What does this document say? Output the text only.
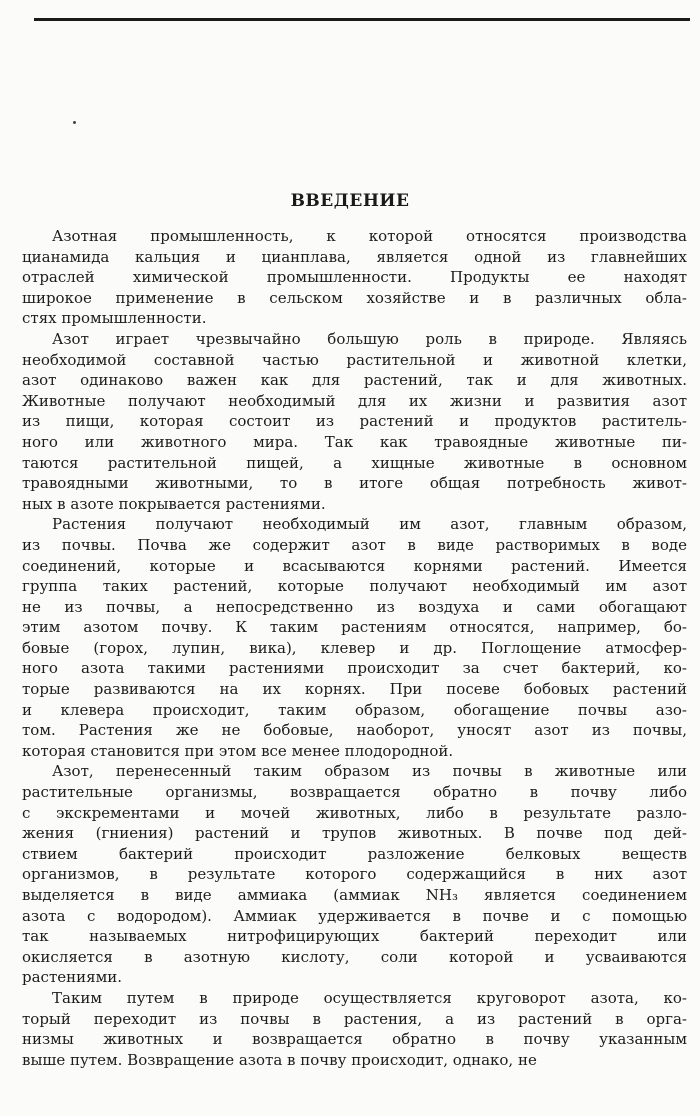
ВВЕДЕНИЕ
Азотная промышленность, к которой относятся производства
цианамида кальция и цианплава, является одной из главнейших
отраслей химической промышленности. Продукты ее находят
широкое применение в сельском хозяйстве и в различных обла-
стях промышленности.
Азот играет чрезвычайно большую роль в природе. Являясь
необходимой составной частью растительной и животной клетки,
азот одинаково важен как для растений, так и для животных.
Животные получают необходимый для их жизни и развития азот
из пищи, которая состоит из растений и продуктов раститель-
ного или животного мира. Так как травоядные животные пи-
таются растительной пищей, а хищные животные в основном
травоядными животными, то в итоге общая потребность живот-
ных в азоте покрывается растениями.
Растения получают необходимый им азот, главным образом,
из почвы. Почва же содержит азот в виде растворимых в воде
соединений, которые и всасываются корнями растений. Имеется
группа таких растений, которые получают необходимый им азот
не из почвы, а непосредственно из воздуха и сами обогащают
этим азотом почву. К таким растениям относятся, например, бо-
бовые (горох, лупин, вика), клевер и др. Поглощение атмосфер-
ного азота такими растениями происходит за счет бактерий, ко-
торые развиваются на их корнях. При посеве бобовых растений
и клевера происходит, таким образом, обогащение почвы азо-
том. Растения же не бобовые, наоборот, уносят азот из почвы,
которая становится при этом все менее плодородной.
Азот, перенесенный таким образом из почвы в животные или
растительные организмы, возвращается обратно в почву либо
с экскрементами и мочей животных, либо в результате разло-
жения (гниения) растений и трупов животных. В почве под дей-
ствием бактерий происходит разложение белковых веществ
организмов, в результате которого содержащийся в них азот
выделяется в виде аммиака (аммиак NH₃ является соединением
азота с водородом). Аммиак удерживается в почве и с помощью
так называемых нитрофицирующих бактерий переходит или
окисляется в азотную кислоту, соли которой и усваиваются
растениями.
Таким путем в природе осуществляется круговорот азота, ко-
торый переходит из почвы в растения, а из растений в орга-
низмы животных и возвращается обратно в почву указанным
выше путем. Возвращение азота в почву происходит, однако, не
